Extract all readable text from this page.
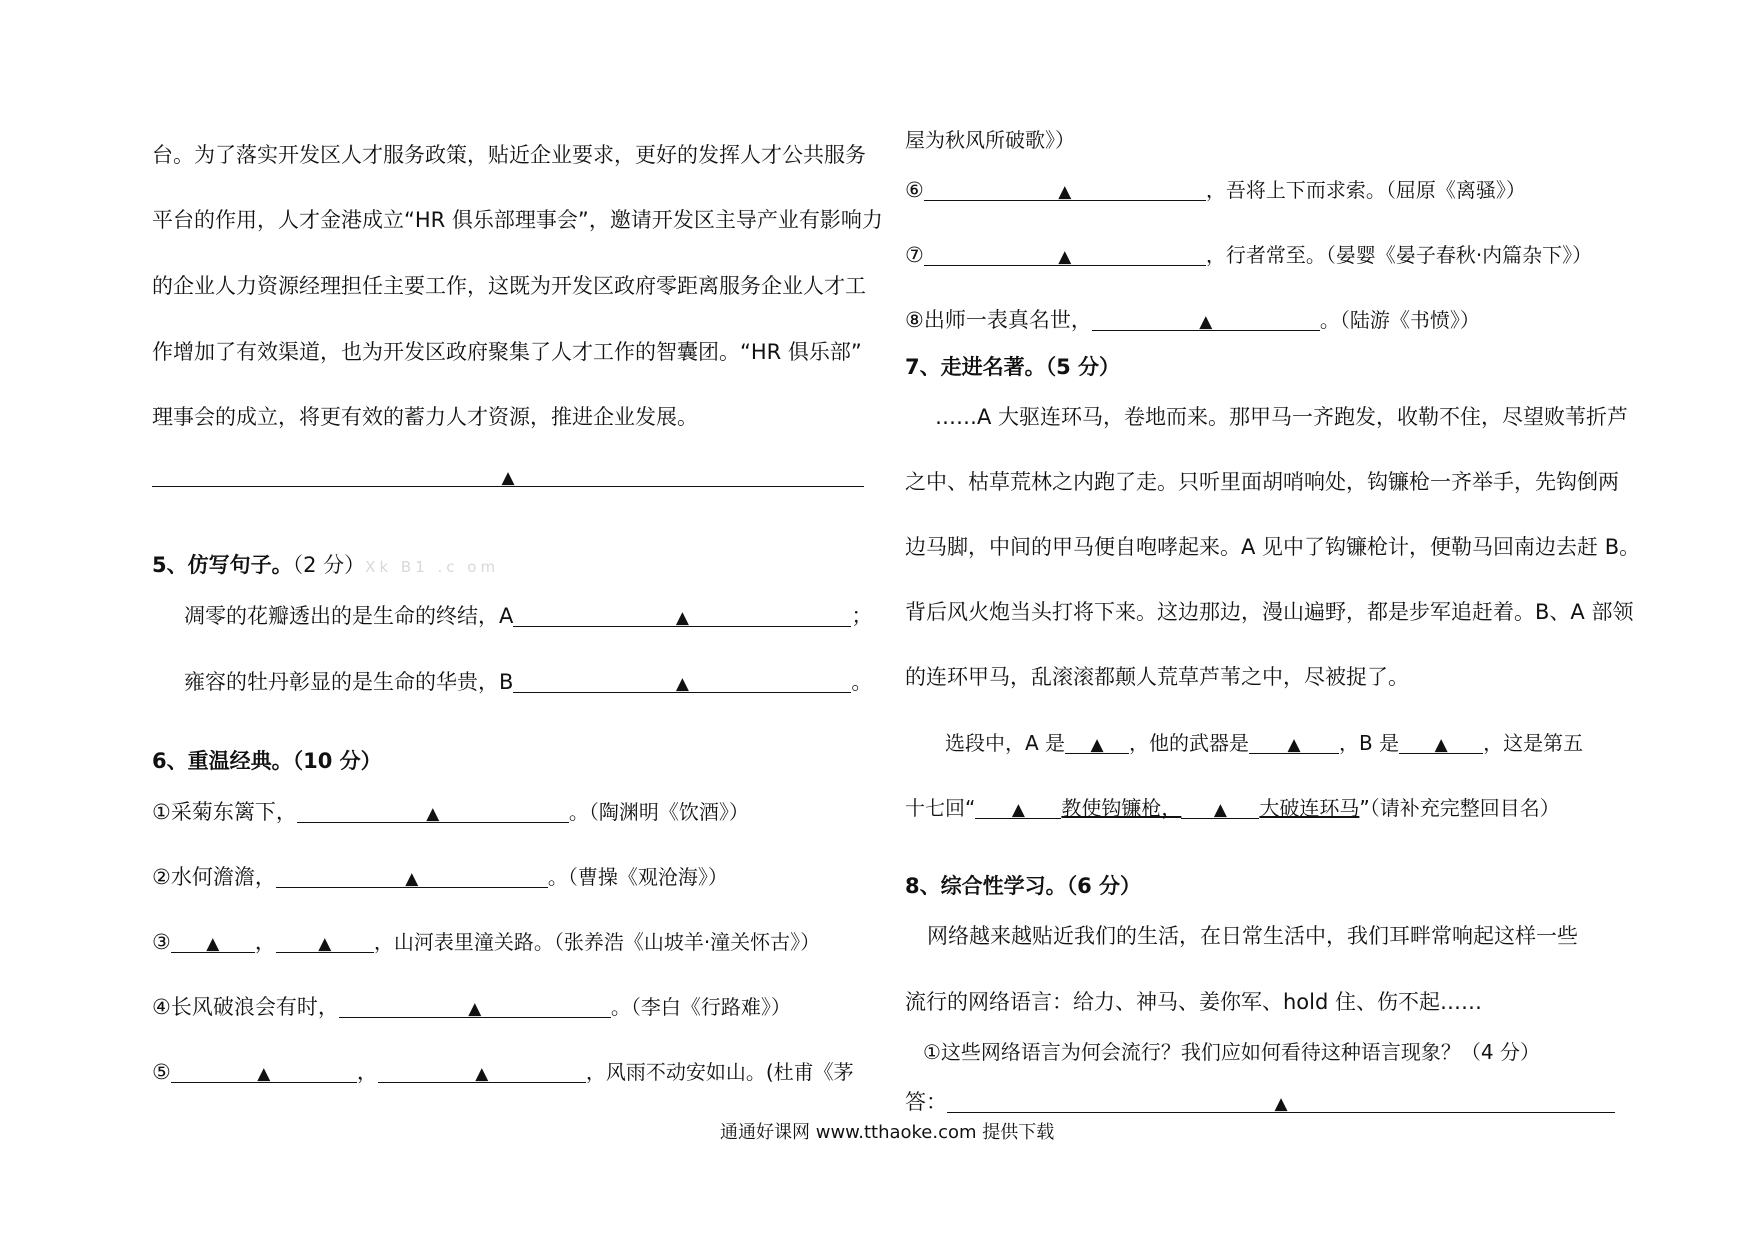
台。为了落实开发区人才服务政策，贴近企业要求，更好的发挥人才公共服务
平台的作用，人才金港成立“HR 俱乐部理事会”，邀请开发区主导产业有影响力
的企业人力资源经理担任主要工作，这既为开发区政府零距离服务企业人才工
作增加了有效渠道，也为开发区政府聚集了人才工作的智囊团。“HR 俱乐部”
理事会的成立，将更有效的蓄力人才资源，推进企业发展。
▲
5、仿写句子。（2 分）Xk B1 .c om
凋零的花瓣透出的是生命的终结，A	▲	；
雍容的牡丹彰显的是生命的华贵，B	▲	。
6、重温经典。（10 分）
①采菊东篱下，	▲	。（陶渊明《饮酒》）
②水何澹澹，	▲	。（曹操《观沧海》）
③ ▲ ， ▲ ，山河表里潼关路。（张养浩《山坡羊·潼关怀古》）
④长风破浪会有时，	▲	。（李白《行路难》）
⑤	▲	，	▲	，风雨不动安如山。(杜甫《茅
屋为秋风所破歌》）
⑥	▲	，吾将上下而求索。（屈原《离骚》）
⑦	▲	，行者常至。（晏婴《晏子春秋·内篇杂下》）
⑧出师一表真名世，	▲	。（陆游《书愤》）
7、走进名著。（5 分）
……A 大驱连环马，卷地而来。那甲马一齐跑发，收勒不住，尽望败苇折芦
之中、枯草荒林之内跑了走。只听里面胡哨响处，钩镰枪一齐举手，先钩倒两
边马脚，中间的甲马便自咆哮起来。A 见中了钩镰枪计，便勒马回南边去赶 B。
背后风火炮当头打将下来。这边那边，漫山遍野，都是步军追赶着。B、A 部领
的连环甲马，乱滚滚都颠人荒草芦苇之中，尽被捉了。
选段中，A 是 ▲ ，他的武器是 ▲ ，B 是 ▲ ，这是第五
十七回“ ▲ 教使钩镰枪， ▲ 大破连环马”（请补充完整回目名）
8、综合性学习。（6 分）
网络越来越贴近我们的生活，在日常生活中，我们耳畔常响起这样一些
流行的网络语言：给力、神马、姜你军、hold 住、伤不起……
①这些网络语言为何会流行？我们应如何看待这种语言现象？（4 分）
答：	▲
通通好课网 www.tthaoke.com 提供下载
